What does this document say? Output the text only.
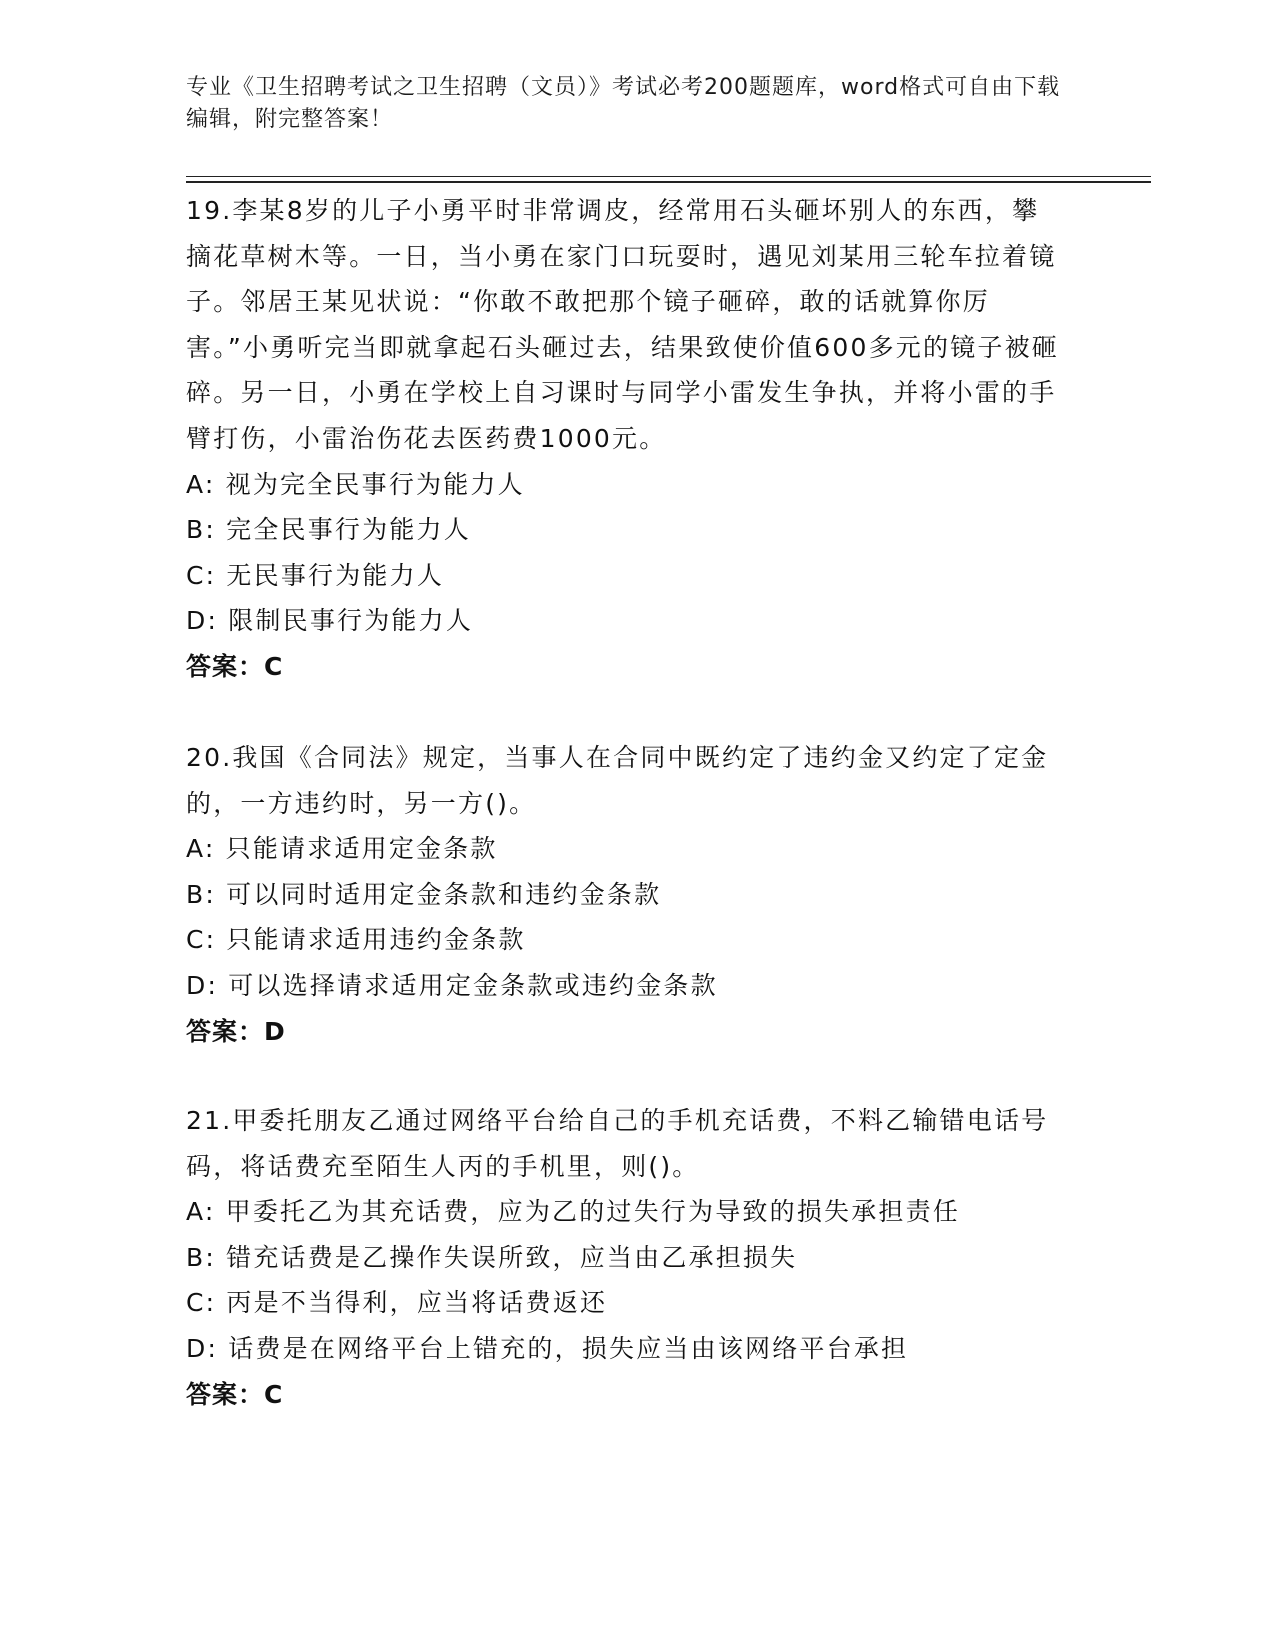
专业《卫生招聘考试之卫生招聘（文员）》考试必考200题题库，word格式可自由下载编辑，附完整答案！

19.李某8岁的儿子小勇平时非常调皮，经常用石头砸坏别人的东西，攀摘花草树木等。一日，当小勇在家门口玩耍时，遇见刘某用三轮车拉着镜子。邻居王某见状说：“你敢不敢把那个镜子砸碎，敢的话就算你厉害。”小勇听完当即就拿起石头砸过去，结果致使价值600多元的镜子被砸碎。另一日，小勇在学校上自习课时与同学小雷发生争执，并将小雷的手臂打伤，小雷治伤花去医药费1000元。

A: 视为完全民事行为能力人

B: 完全民事行为能力人

C: 无民事行为能力人

D: 限制民事行为能力人

答案：C

20.我国《合同法》规定，当事人在合同中既约定了违约金又约定了定金的，一方违约时，另一方()。

A: 只能请求适用定金条款

B: 可以同时适用定金条款和违约金条款

C: 只能请求适用违约金条款

D: 可以选择请求适用定金条款或违约金条款

答案：D

21.甲委托朋友乙通过网络平台给自己的手机充话费，不料乙输错电话号码，将话费充至陌生人丙的手机里，则()。

A: 甲委托乙为其充话费，应为乙的过失行为导致的损失承担责任

B: 错充话费是乙操作失误所致，应当由乙承担损失

C: 丙是不当得利，应当将话费返还

D: 话费是在网络平台上错充的，损失应当由该网络平台承担

答案：C
